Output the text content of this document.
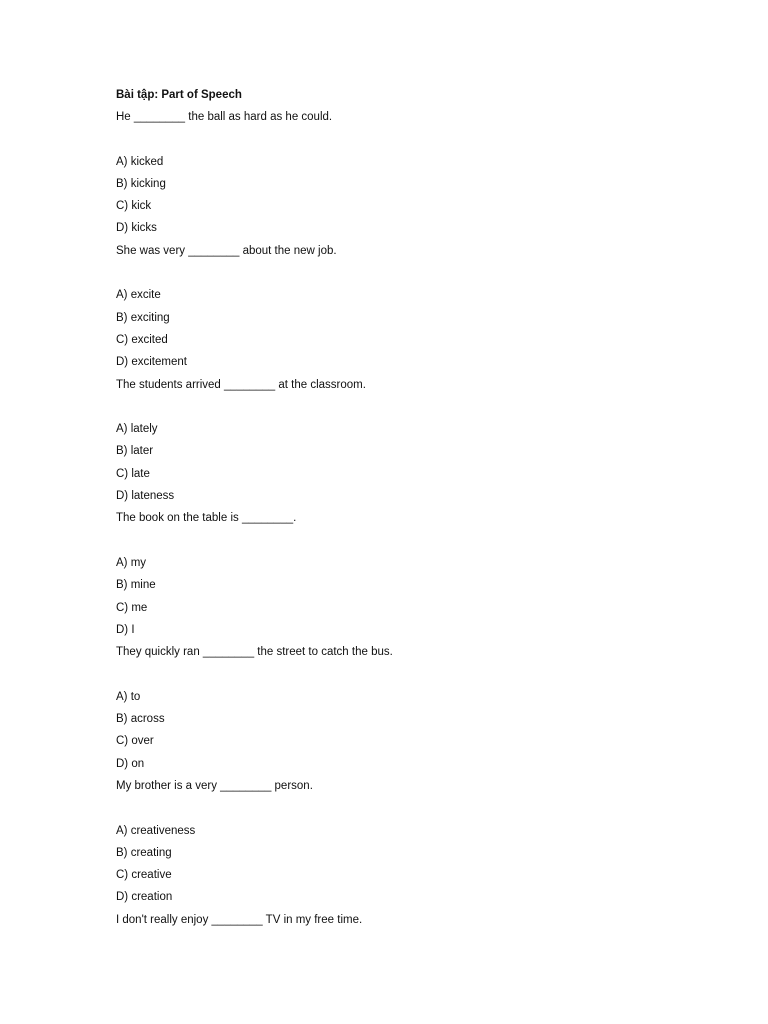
Bài tập: Part of Speech
He ________ the ball as hard as he could.
A) kicked
B) kicking
C) kick
D) kicks
She was very ________ about the new job.
A) excite
B) exciting
C) excited
D) excitement
The students arrived ________ at the classroom.
A) lately
B) later
C) late
D) lateness
The book on the table is ________.
A) my
B) mine
C) me
D) I
They quickly ran ________ the street to catch the bus.
A) to
B) across
C) over
D) on
My brother is a very ________ person.
A) creativeness
B) creating
C) creative
D) creation
I don't really enjoy ________ TV in my free time.
